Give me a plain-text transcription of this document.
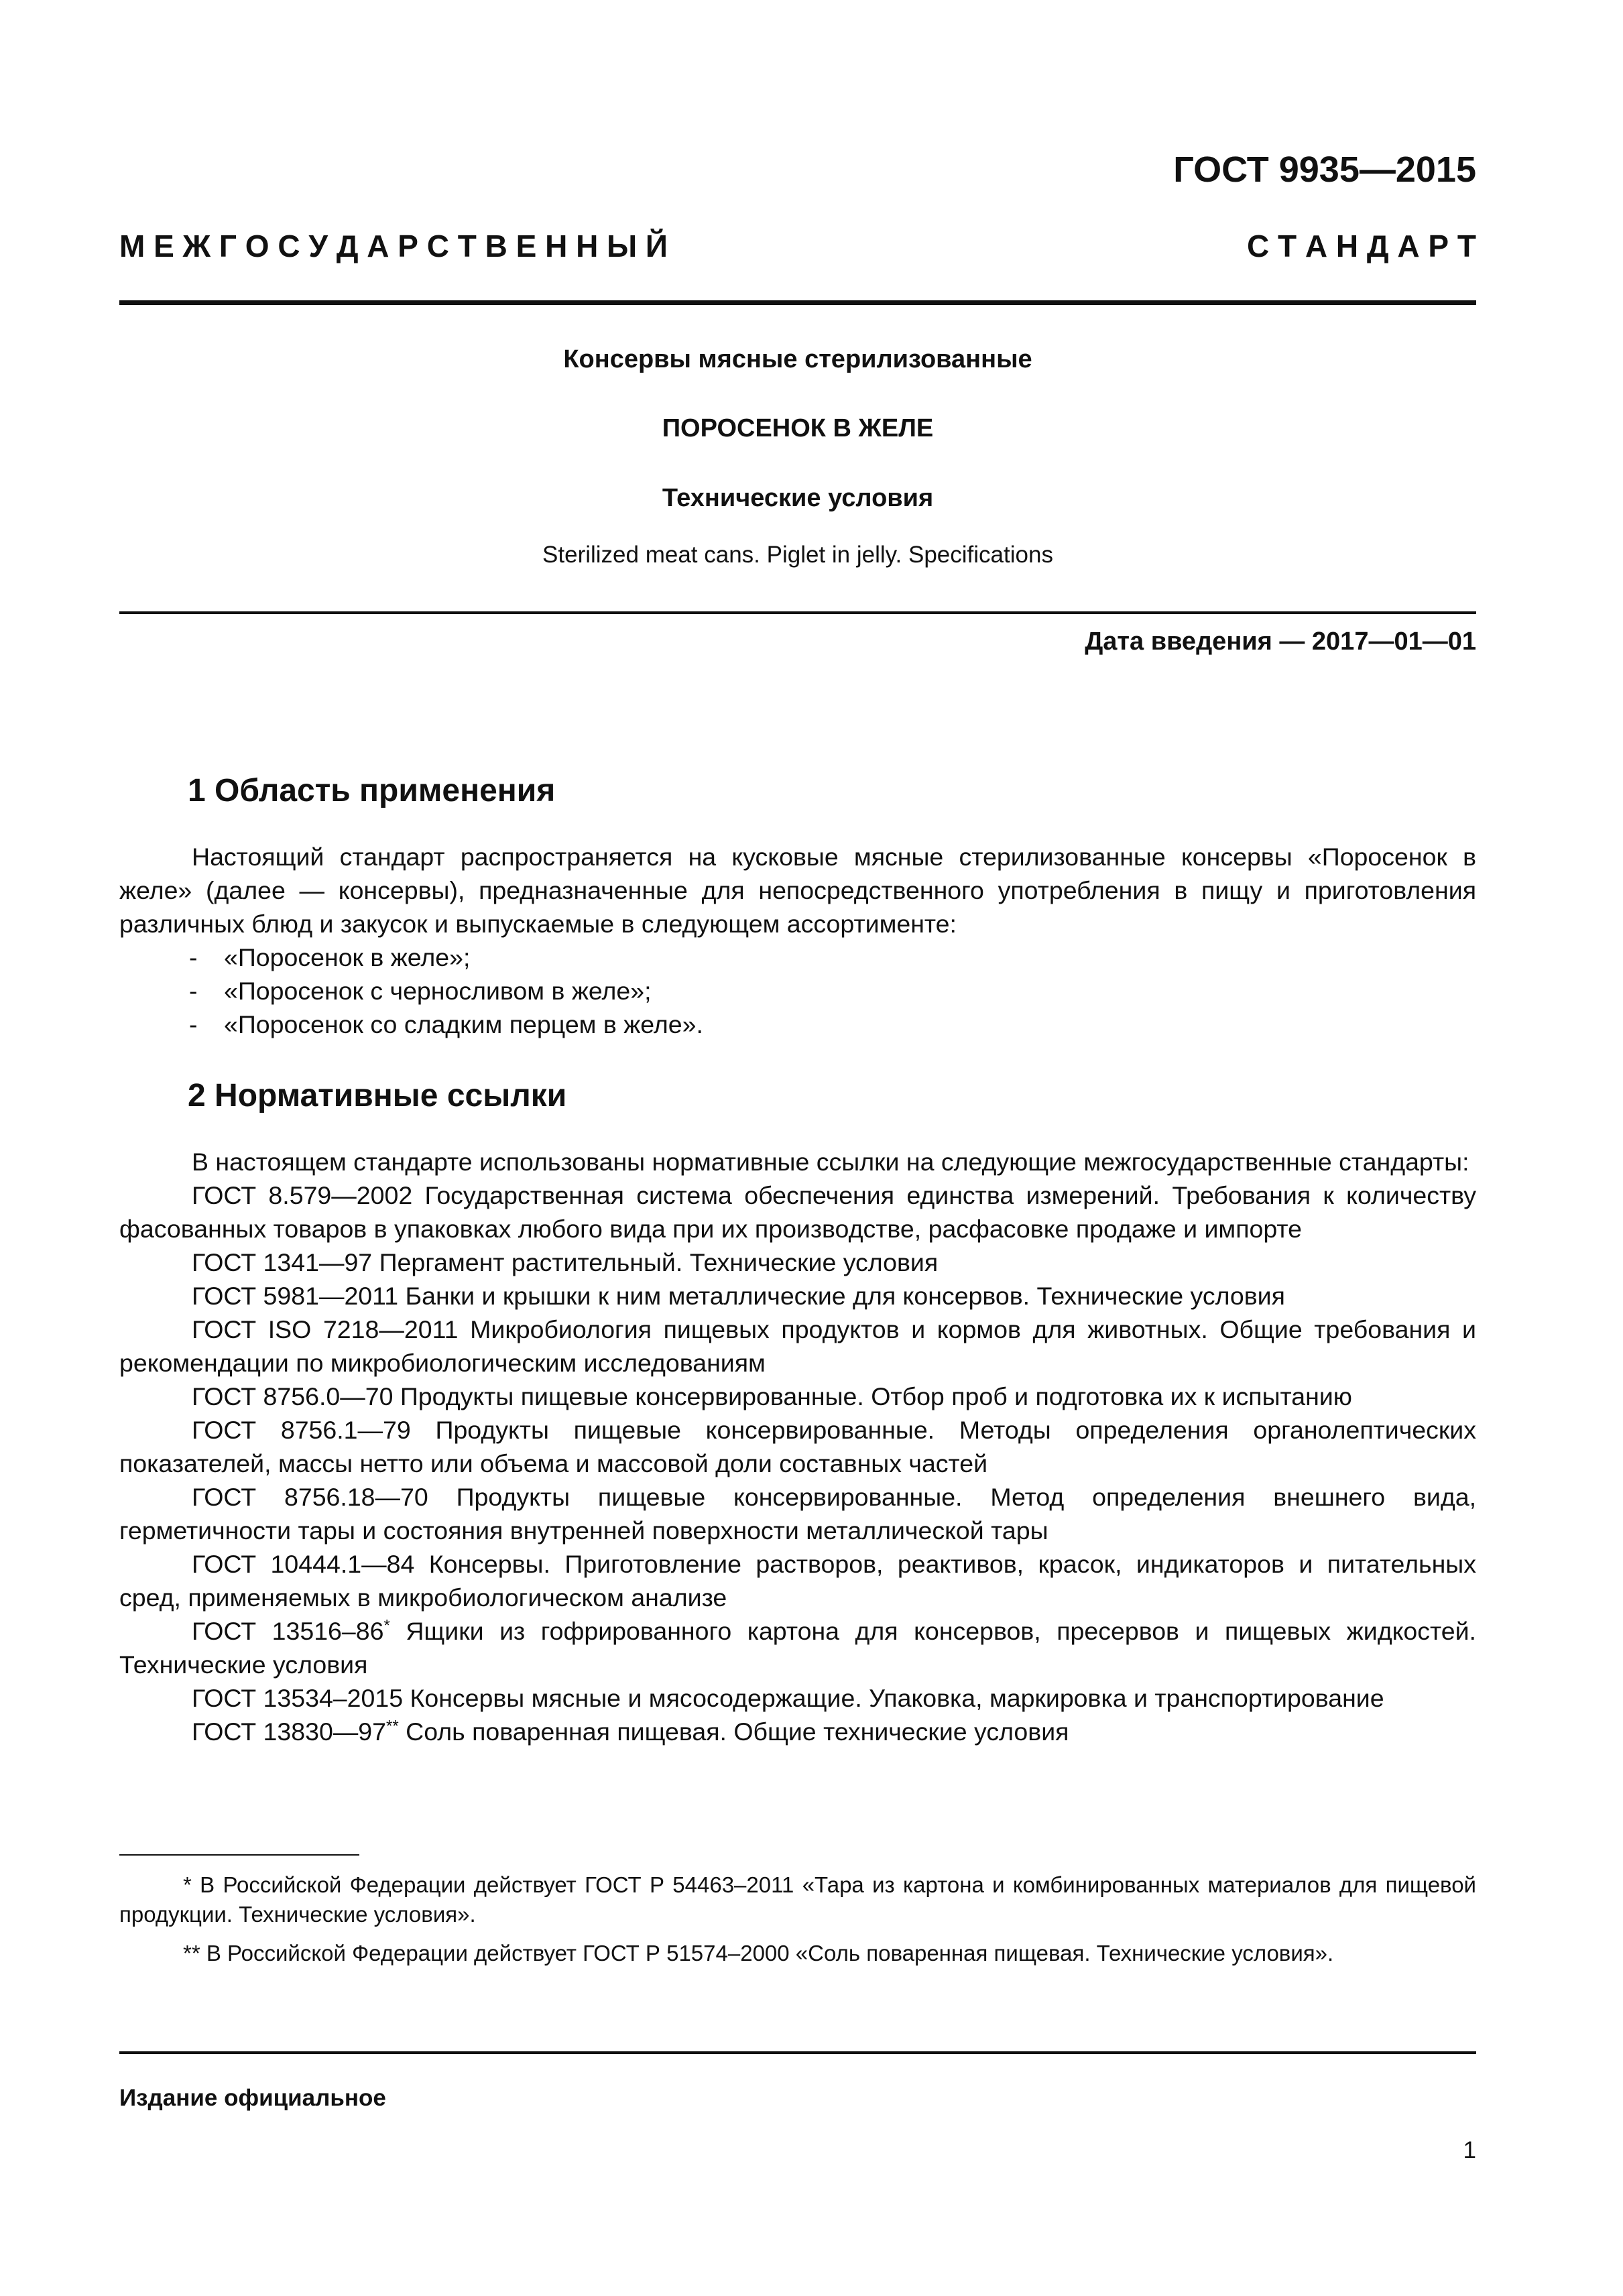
ГОСТ 9935—2015
М Е Ж Г О С У Д А Р С Т В Е Н Н Ы Й	С Т А Н Д А Р Т
Консервы мясные стерилизованные
ПОРОСЕНОК В ЖЕЛЕ
Технические условия
Sterilized meat cans. Piglet in jelly. Specifications
Дата введения — 2017—01—01
1 Область применения

Настоящий стандарт распространяется на кусковые мясные стерилизованные консервы «Поросенок в желе» (далее — консервы), предназначенные для непосредственного употребления в пищу и приготовления различных блюд и закусок и выпускаемые в следующем ассортименте:

- «Поросенок в желе»;
- «Поросенок с черносливом в желе»;
- «Поросенок со сладким перцем в желе».
2 Нормативные ссылки

В настоящем стандарте использованы нормативные ссылки на следующие межгосударственные стандарты:

ГОСТ 8.579—2002 Государственная система обеспечения единства измерений. Требования к количеству фасованных товаров в упаковках любого вида при их производстве, расфасовке продаже и импорте

ГОСТ 1341—97 Пергамент растительный. Технические условия

ГОСТ 5981—2011 Банки и крышки к ним металлические для консервов. Технические условия

ГОСТ ISO 7218—2011 Микробиология пищевых продуктов и кормов для животных. Общие требования и рекомендации по микробиологическим исследованиям

ГОСТ 8756.0—70 Продукты пищевые консервированные. Отбор проб и подготовка их к испытанию

ГОСТ 8756.1—79 Продукты пищевые консервированные. Методы определения органолептических показателей, массы нетто или объема и массовой доли составных частей

ГОСТ 8756.18—70 Продукты пищевые консервированные. Метод определения внешнего вида, герметичности тары и состояния внутренней поверхности металлической тары

ГОСТ 10444.1—84 Консервы. Приготовление растворов, реактивов, красок, индикаторов и питательных сред, применяемых в микробиологическом анализе

ГОСТ 13516–86* Ящики из гофрированного картона для консервов, пресервов и пищевых жидкостей. Технические условия

ГОСТ 13534–2015 Консервы мясные и мясосодержащие. Упаковка, маркировка и транспортирование

ГОСТ 13830—97** Соль поваренная пищевая. Общие технические условия

* В Российской Федерации действует ГОСТ Р 54463–2011 «Тара из картона и комбинированных материалов для пищевой продукции. Технические условия».

** В Российской Федерации действует ГОСТ Р 51574–2000 «Соль поваренная пищевая. Технические условия».

Издание официальное
1
